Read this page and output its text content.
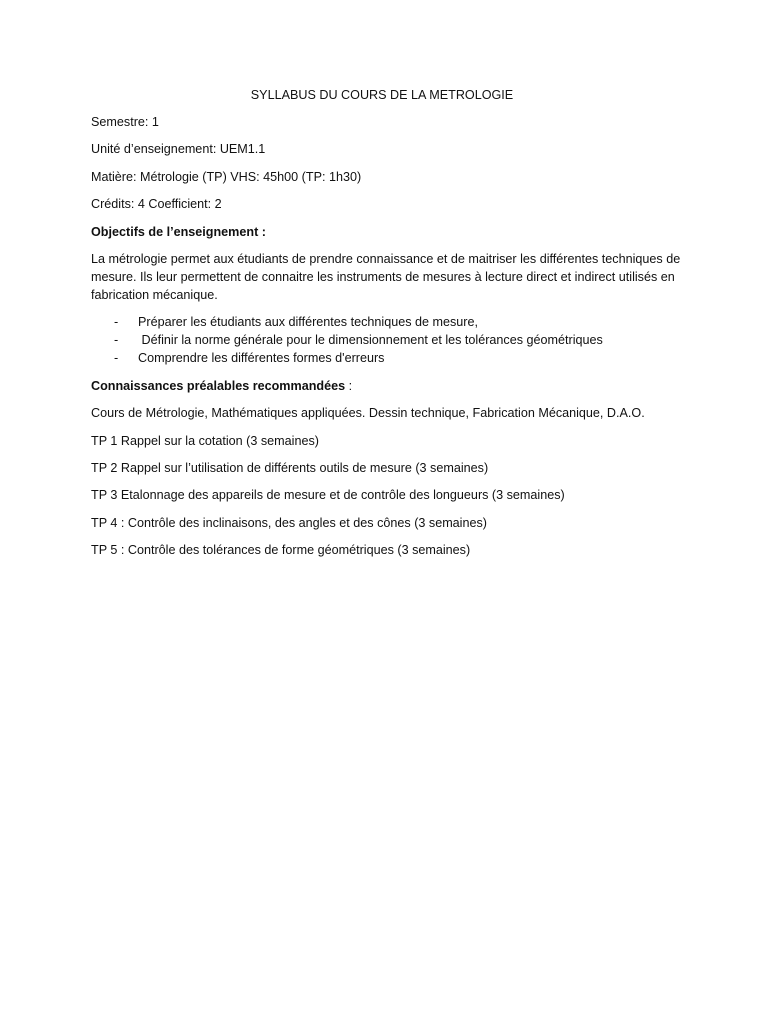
SYLLABUS DU COURS DE LA METROLOGIE
Semestre: 1
Unité d’enseignement: UEM1.1
Matière: Métrologie (TP) VHS: 45h00 (TP: 1h30)
Crédits: 4 Coefficient: 2
Objectifs de l’enseignement :
La métrologie permet aux étudiants de prendre connaissance et de maitriser les différentes techniques de mesure. Ils leur permettent de connaitre les instruments de mesures à lecture direct et indirect utilisés en fabrication mécanique.
- Préparer les étudiants aux différentes techniques de mesure,
- Définir la norme générale pour le dimensionnement et les tolérances géométriques
- Comprendre les différentes formes d'erreurs
Connaissances préalables recommandées :
Cours de Métrologie, Mathématiques appliquées. Dessin technique, Fabrication Mécanique, D.A.O.
TP 1 Rappel sur la cotation (3 semaines)
TP 2 Rappel sur l’utilisation de différents outils de mesure (3 semaines)
TP 3 Etalonnage des appareils de mesure et de contrôle des longueurs (3 semaines)
TP 4 : Contrôle des inclinaisons, des angles et des cônes (3 semaines)
TP 5 : Contrôle des tolérances de forme géométriques (3 semaines)
